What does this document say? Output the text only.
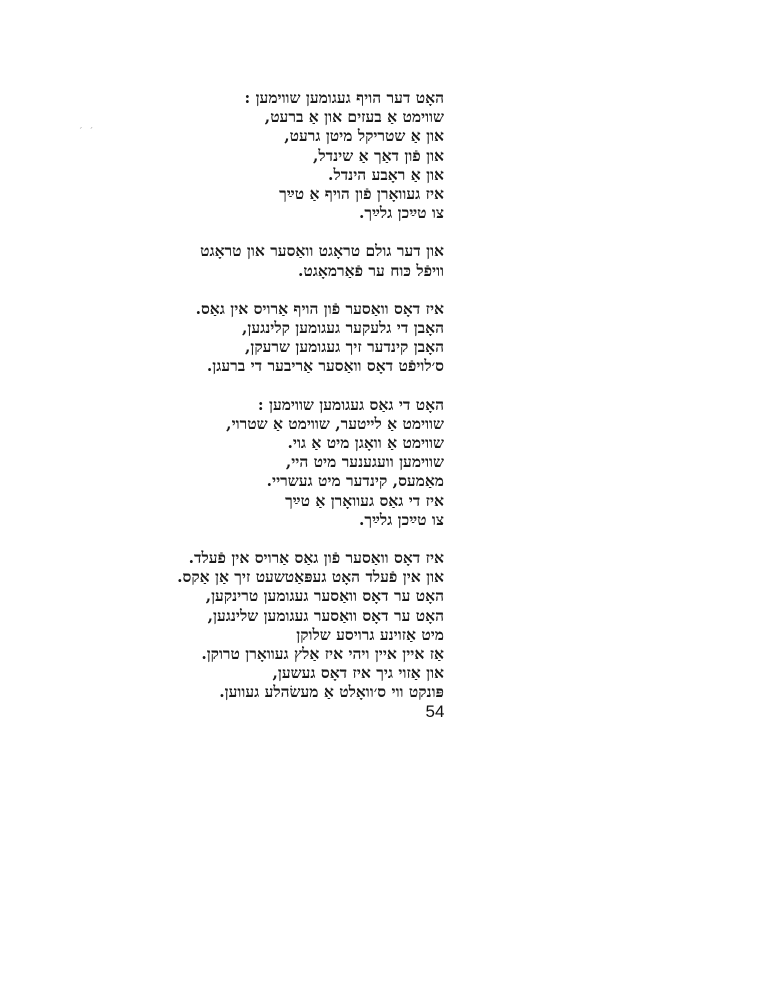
׳ ׳
האָט דער הויף געגומען שווימען :
שווימט אַ בעזים און אַ ברעט,
און אַ שטריקל מיטן גרעט,
און פֿון דאַך אַ שינדל,
און אַ ראָבע הינדל.
איז געוואָרן פֿון הויף אַ טײַך
צו טײַכן גלײַך.
און דער גולם טראָגט וואַסער און טראָגט
וויפֿל כּוח ער פֿאַרמאָגט.
איז דאָס וואַסער פֿון הויף אַרויס אין גאַס.
האָבן די גלעקער געגומען קלינגען,
האָבן קינדער זיך געגומען שרעקן,
ס׳לויפֿט דאָס וואַסער אַריבער די ברעגן.
האָט די גאַס געגומען שווימען :
שווימט אַ לייטער, שווימט אַ שטרוי,
שווימט אַ וואָגן מיט אַ גוי.
שווימען וועגענער מיט היי,
מאַמעס, קינדער מיט געשריי.
איז די גאַס געוואָרן אַ טײַך
צו טײַכן גלײַך.
איז דאָס וואַסער פֿון גאַס אַרויס אין פֿעלד.
און אין פֿעלד האָט געפּאַטשעט זיך אַן אַקס.
האָט ער דאָס וואַסער געגומען טרינקען,
האָט ער דאָס וואַסער געגומען שלינגען,
מיט אַזוינע גרויסע שלוקן
אַז איין איין ויהי איז אַלץ געוואָרן טרוקן.
און אַזוי גיך איז דאָס געשען,
פּונקט ווי ס׳וואָלט אַ מעשׂהלע געווען.
54
